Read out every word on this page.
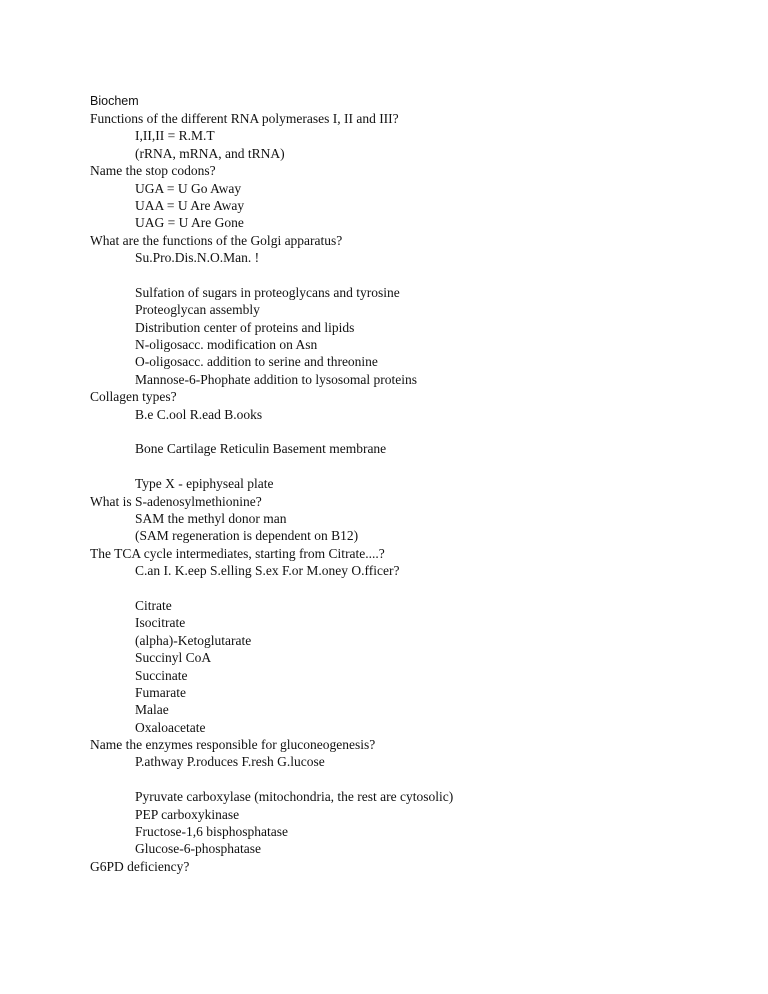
Biochem
Functions of the different RNA polymerases I, II and III?
I,II,II = R.M.T
(rRNA, mRNA, and tRNA)
Name the stop codons?
UGA = U Go Away
UAA = U Are Away
UAG = U Are Gone
What are the functions of the Golgi apparatus?
Su.Pro.Dis.N.O.Man. !
Sulfation of sugars in proteoglycans and tyrosine
Proteoglycan assembly
Distribution center of proteins and lipids
N-oligosacc. modification on Asn
O-oligosacc. addition to serine and threonine
Mannose-6-Phophate addition to lysosomal proteins
Collagen types?
B.e C.ool R.ead B.ooks
Bone Cartilage Reticulin Basement membrane
Type X - epiphyseal plate
What is S-adenosylmethionine?
SAM the methyl donor man
(SAM regeneration is dependent on B12)
The TCA cycle intermediates, starting from Citrate....?
C.an I. K.eep S.elling S.ex F.or M.oney O.fficer?
Citrate
Isocitrate
(alpha)-Ketoglutarate
Succinyl CoA
Succinate
Fumarate
Malae
Oxaloacetate
Name the enzymes responsible for gluconeogenesis?
P.athway P.roduces F.resh G.lucose
Pyruvate carboxylase (mitochondria, the rest are cytosolic)
PEP carboxykinase
Fructose-1,6 bisphosphatase
Glucose-6-phosphatase
G6PD deficiency?
